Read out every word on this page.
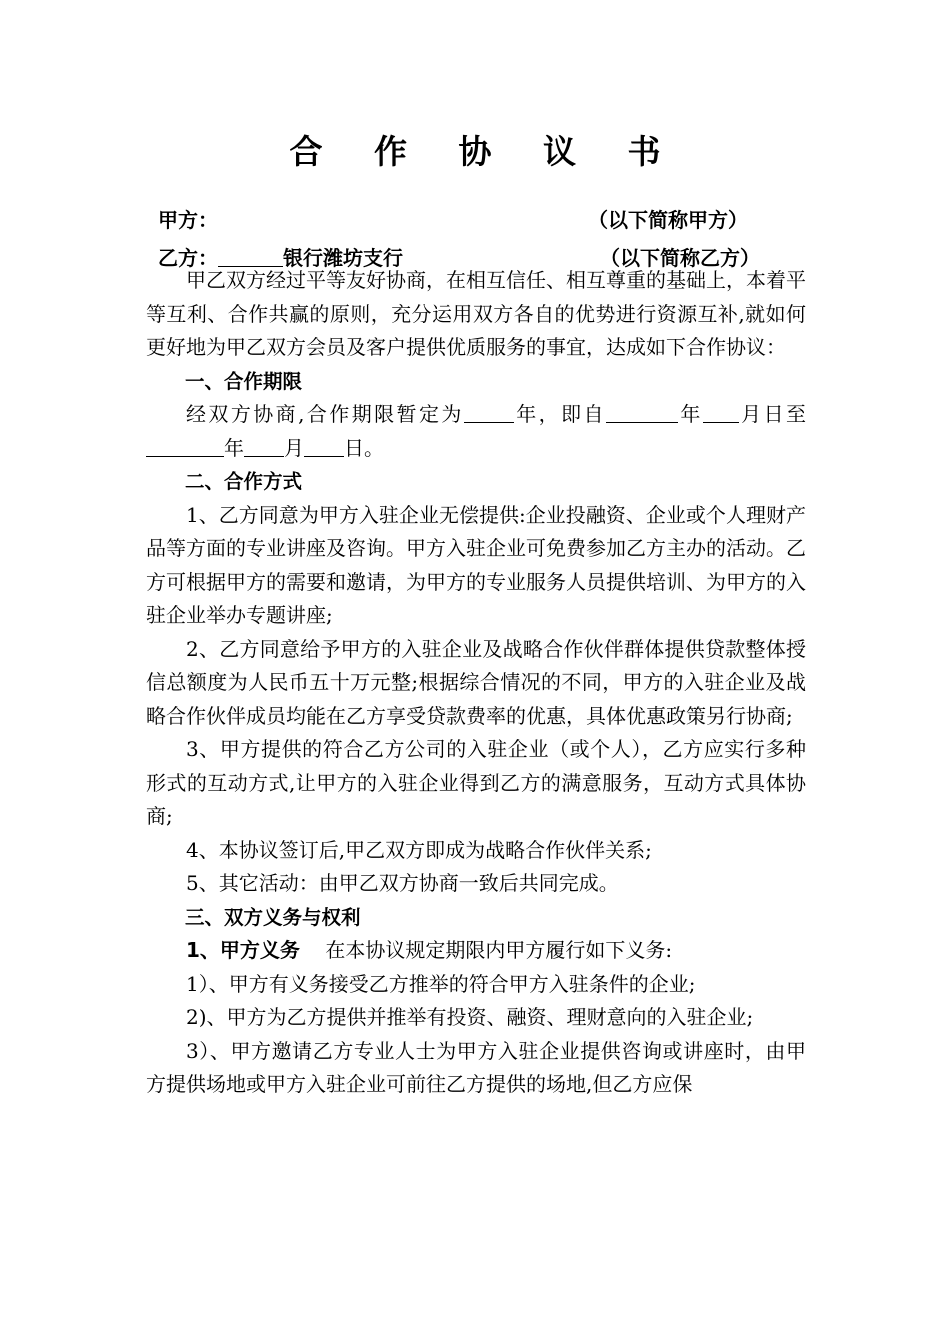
合 作 协 议 书
甲方：	（以下简称甲方）
乙方：	银行潍坊支行	（以下简称乙方）

甲乙双方经过平等友好协商，在相互信任、相互尊重的基础上，本着平等互利、合作共赢的原则，充分运用双方各自的优势进行资源互补,就如何更好地为甲乙双方会员及客户提供优质服务的事宜，达成如下合作协议：

一、合作期限

经双方协商,合作期限暂定为	年，即自	年 月日至年 月 日。

二、合作方式

1、乙方同意为甲方入驻企业无偿提供:企业投融资、企业或个人理财产品等方面的专业讲座及咨询。甲方入驻企业可免费参加乙方主办的活动。乙方可根据甲方的需要和邀请，为甲方的专业服务人员提供培训、为甲方的入驻企业举办专题讲座;

2、乙方同意给予甲方的入驻企业及战略合作伙伴群体提供贷款整体授信总额度为人民币五十万元整;根据综合情况的不同，甲方的入驻企业及战略合作伙伴成员均能在乙方享受贷款费率的优惠，具体优惠政策另行协商;

3、甲方提供的符合乙方公司的入驻企业（或个人），乙方应实行多种形式的互动方式,让甲方的入驻企业得到乙方的满意服务，互动方式具体协商;

4、本协议签订后,甲乙双方即成为战略合作伙伴关系;

5、其它活动：由甲乙双方协商一致后共同完成。

三、双方义务与权利

1、甲方义务 在本协议规定期限内甲方履行如下义务:

1）、甲方有义务接受乙方推举的符合甲方入驻条件的企业;

2)、甲方为乙方提供并推举有投资、融资、理财意向的入驻企业;

3）、甲方邀请乙方专业人士为甲方入驻企业提供咨询或讲座时，由甲方提供场地或甲方入驻企业可前往乙方提供的场地,但乙方应保
